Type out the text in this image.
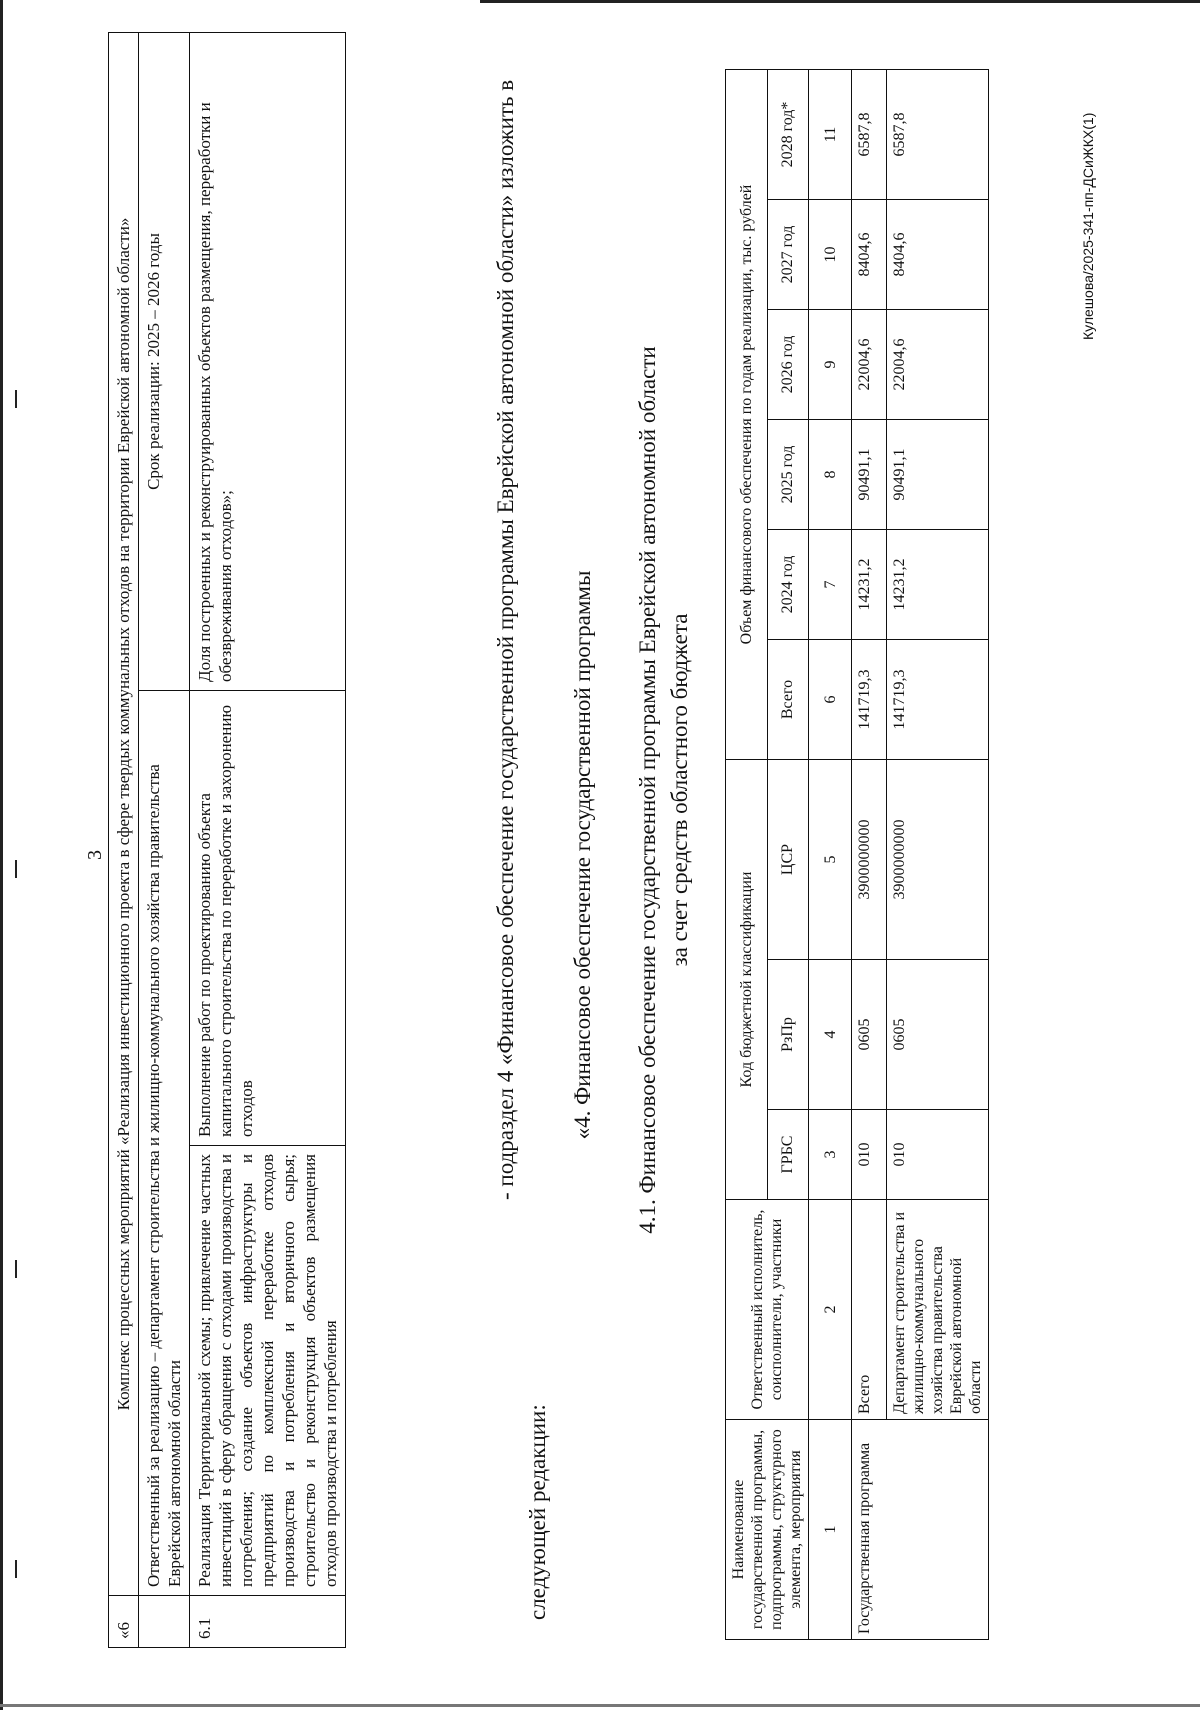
3
«6	Комплекс процессных мероприятий «Реализация инвестиционного проекта в сфере твердых коммунальных отходов на территории Еврейской автономной области»		
	Ответственный за реализацию – департамент строительства и жилищно-коммунального хозяйства правительства Еврейской автономной области		Срок реализации: 2025 – 2026 годы
6.1	Реализация Территориальной схемы; привлечение частных инвестиций в сферу обращения с отходами производства и потребления; создание объектов инфраструктуры и предприятий по комплексной переработке отходов производства и потребления и вторичного сырья; строительство и реконструкция объектов размещения отходов производства и потребления	Выполнение работ по проектированию объекта капитального строительства по переработке и захоронению отходов	Доля построенных и реконструированных объектов размещения, переработки и обезвреживания отходов»;	- подраздел 4 «Финансовое обеспечение государственной программы Еврейской автономной области» изложить в следующей редакции:
«4. Финансовое обеспечение государственной программы 4.1. Финансовое обеспечение государственной программы Еврейской автономной области за счет средств областного бюджета
Наименование государственной программы, подпрограммы, структурного элемента, мероприятия	Ответственный исполнитель, соисполнители, участники	Код бюджетной классификации			Объем финансового обеспечения по годам реализации, тыс. рублей					
		ГРБС	РзПр	ЦСР	Всего	2024 год	2025 год	2026 год	2027 год	2028 год*
1	2	3	4	5	6	7	8	9	10	11
Государственная программа	Всего	010	0605	3900000000	141719,3	14231,2	90491,1	22004,6	8404,6	6587,8
	Департамент строительства и жилищно-коммунального хозяйства правительства Еврейской автономной области	010	0605	3900000000	141719,3	14231,2	90491,1	22004,6	8404,6	6587,8	Кулешова/2025-341-пп-ДСиЖКХ(1)
